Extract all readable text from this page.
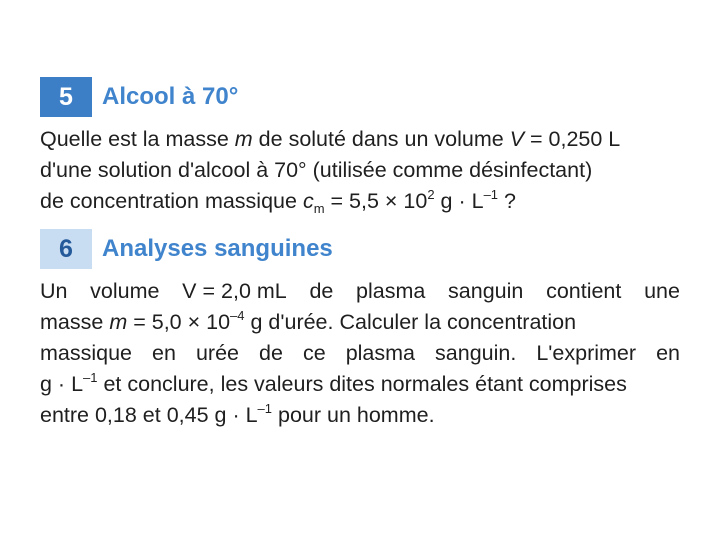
5	Alcool à 70°
Quelle est la masse m de soluté dans un volume V = 0,250 L
d'une solution d'alcool à 70° (utilisée comme désinfectant)
de concentration massique $c_m = 5,5 \times 10^2$ $g \cdot L^{-1}$ ?
6	Analyses sanguines
Un volume V = 2,0 mL de plasma sanguin contient une
masse $m = 5,0 \times 10^{-4}$ g d'urée. Calculer la concentration
massique en urée de ce plasma sanguin. L'exprimer en
$g \cdot L^{-1}$ et conclure, les valeurs dites normales étant comprises
entre 0,18 et 0,45 $g \cdot L^{-1}$ pour un homme.
